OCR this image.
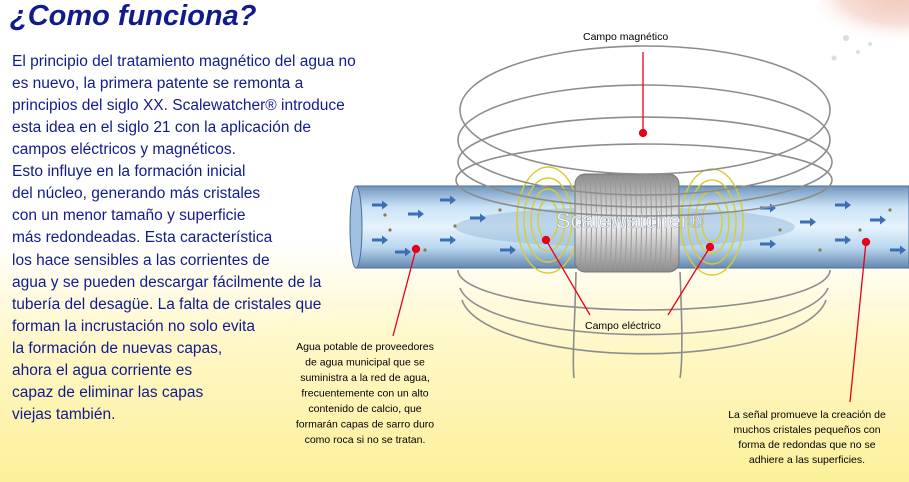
¿Como funciona?
El principio del tratamiento magnético del agua no
es nuevo, la primera patente se remonta a
principios del siglo XX. Scalewatcher® introduce
esta idea en el siglo 21 con la aplicación de
campos eléctricos y magnéticos.
Esto influye en la formación inicial
del núcleo, generando más cristales
con un menor tamaño y superficie
más redondeadas. Esta característica
los hace sensibles a las corrientes de
agua y se pueden descargar fácilmente de la
tubería del desagüe. La falta de cristales que
forman la incrustación no solo evita
la formación de nuevas capas,
ahora el agua corriente es
capaz de eliminar las capas
viejas también.
Scalewatcher®
Campo magnético
Campo eléctrico
Agua potable de proveedores de agua municipal que se suministra a la red de agua, frecuentemente con un alto contenido de calcio, que formarán capas de sarro duro como roca si no se tratan.
La señal promueve la creación de muchos cristales pequeños con forma de redondas que no se adhiere a las superficies.
